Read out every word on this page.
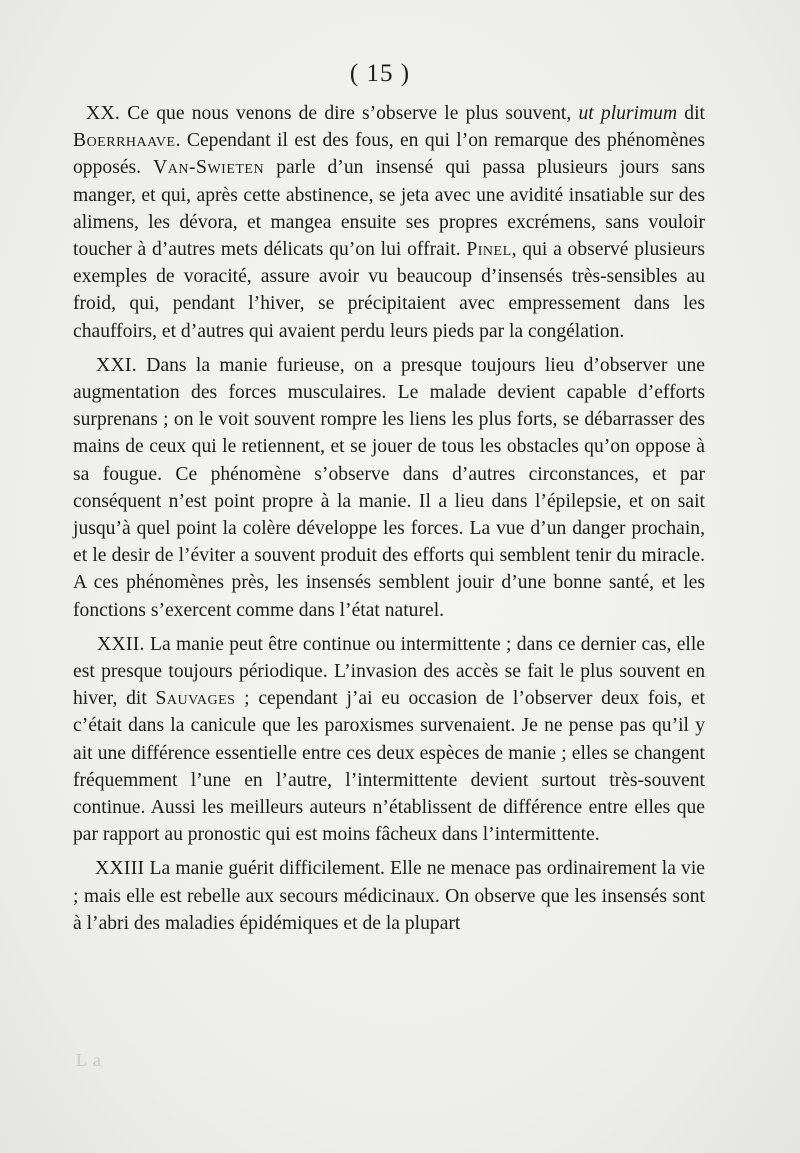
( 15 )

XX. Ce que nous venons de dire s’observe le plus souvent, ut plurimum dit Boerrhaave. Cependant il est des fous, en qui l’on remarque des phénomènes opposés. Van-Swieten parle d’un insensé qui passa plusieurs jours sans manger, et qui, après cette abstinence, se jeta avec une avidité insatiable sur des alimens, les dévora, et mangea ensuite ses propres excrémens, sans vouloir toucher à d’autres mets délicats qu’on lui offrait. Pinel, qui a observé plusieurs exemples de voracité, assure avoir vu beaucoup d’insensés très-sensibles au froid, qui, pendant l’hiver, se précipitaient avec empressement dans les chauffoirs, et d’autres qui avaient perdu leurs pieds par la congélation.

XXI. Dans la manie furieuse, on a presque toujours lieu d’observer une augmentation des forces musculaires. Le malade devient capable d’efforts surprenans ; on le voit souvent rompre les liens les plus forts, se débarrasser des mains de ceux qui le retiennent, et se jouer de tous les obstacles qu’on oppose à sa fougue. Ce phénomène s’observe dans d’autres circonstances, et par conséquent n’est point propre à la manie. Il a lieu dans l’épilepsie, et on sait jusqu’à quel point la colère développe les forces. La vue d’un danger prochain, et le desir de l’éviter a souvent produit des efforts qui semblent tenir du miracle. A ces phénomènes près, les insensés semblent jouir d’une bonne santé, et les fonctions s’exercent comme dans l’état naturel.

XXII. La manie peut être continue ou intermittente ; dans ce dernier cas, elle est presque toujours périodique. L’invasion des accès se fait le plus souvent en hiver, dit Sauvages ; cependant j’ai eu occasion de l’observer deux fois, et c’était dans la canicule que les paroxismes survenaient. Je ne pense pas qu’il y ait une différence essentielle entre ces deux espèces de manie ; elles se changent fréquemment l’une en l’autre, l’intermittente devient surtout très-souvent continue. Aussi les meilleurs auteurs n’établissent de différence entre elles que par rapport au pronostic qui est moins fâcheux dans l’intermittente.

XXIII La manie guérit difficilement. Elle ne menace pas ordinairement la vie ; mais elle est rebelle aux secours médicinaux. On observe que les insensés sont à l’abri des maladies épidémiques et de la plupart

L a
